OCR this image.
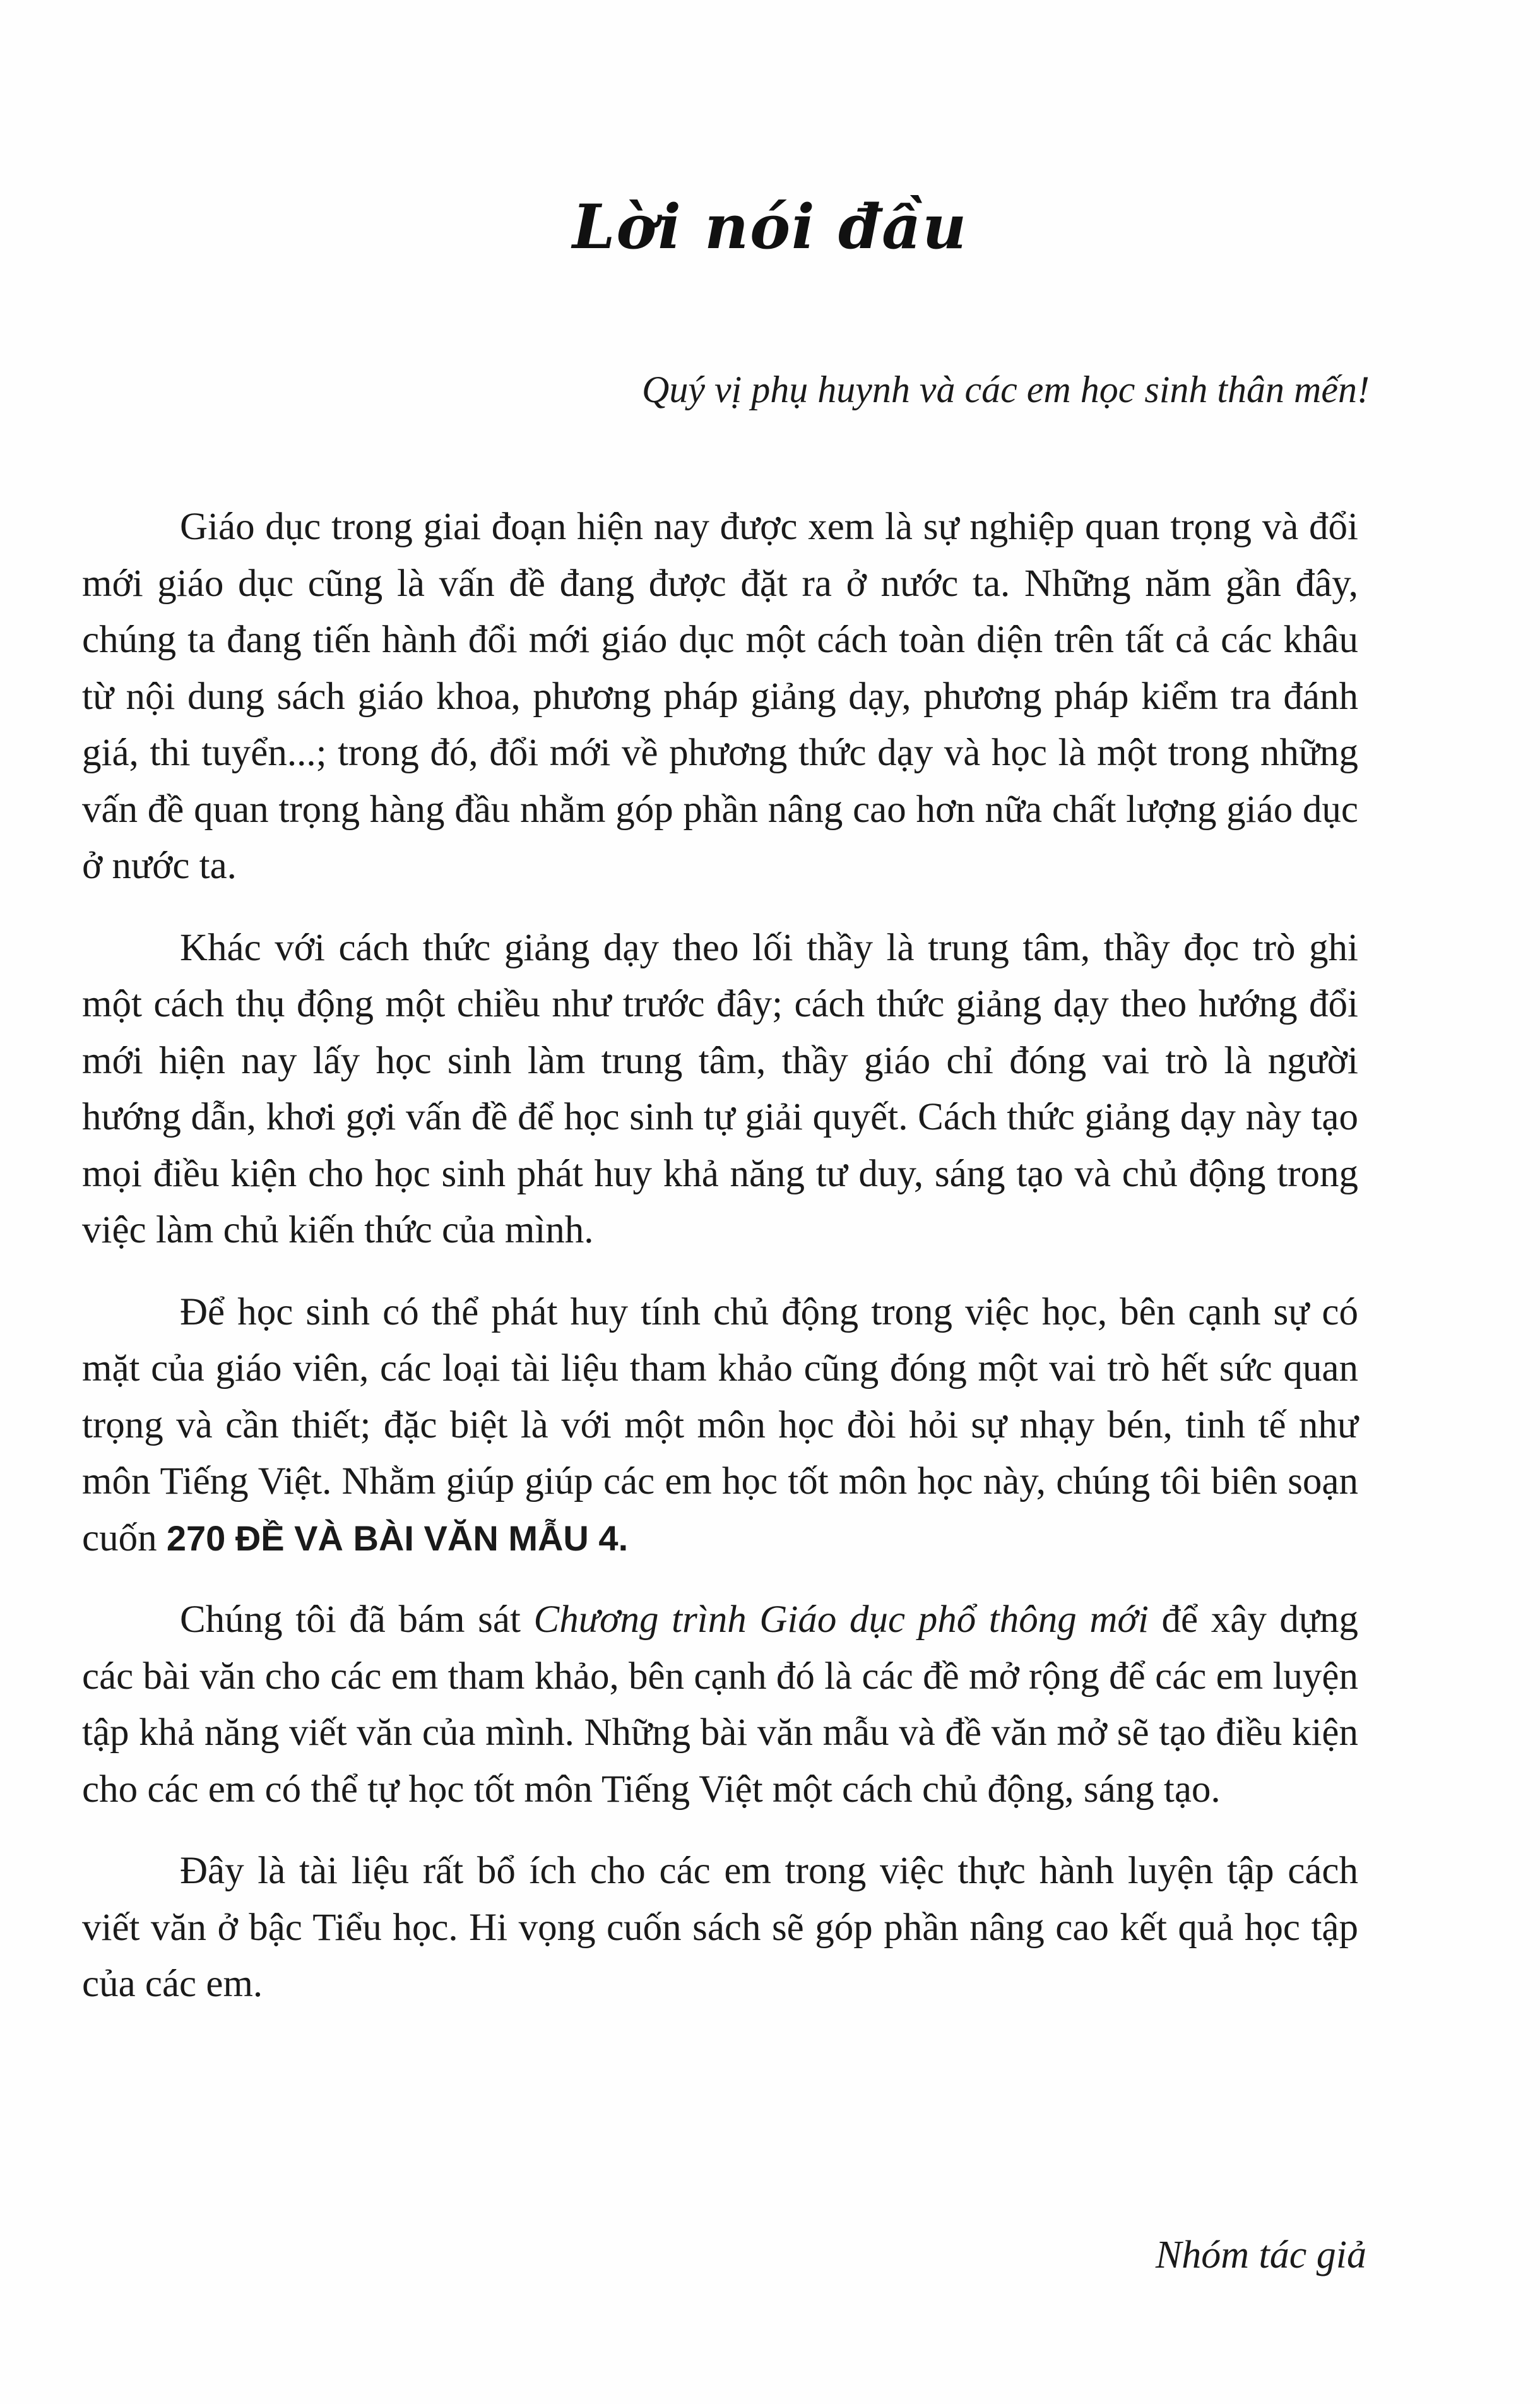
Lời nói đầu
Quý vị phụ huynh và các em học sinh thân mến!

Giáo dục trong giai đoạn hiện nay được xem là sự nghiệp quan trọng và đổi mới giáo dục cũng là vấn đề đang được đặt ra ở nước ta. Những năm gần đây, chúng ta đang tiến hành đổi mới giáo dục một cách toàn diện trên tất cả các khâu từ nội dung sách giáo khoa, phương pháp giảng dạy, phương pháp kiểm tra đánh giá, thi tuyển...; trong đó, đổi mới về phương thức dạy và học là một trong những vấn đề quan trọng hàng đầu nhằm góp phần nâng cao hơn nữa chất lượng giáo dục ở nước ta.

Khác với cách thức giảng dạy theo lối thầy là trung tâm, thầy đọc trò ghi một cách thụ động một chiều như trước đây; cách thức giảng dạy theo hướng đổi mới hiện nay lấy học sinh làm trung tâm, thầy giáo chỉ đóng vai trò là người hướng dẫn, khơi gợi vấn đề để học sinh tự giải quyết. Cách thức giảng dạy này tạo mọi điều kiện cho học sinh phát huy khả năng tư duy, sáng tạo và chủ động trong việc làm chủ kiến thức của mình.

Để học sinh có thể phát huy tính chủ động trong việc học, bên cạnh sự có mặt của giáo viên, các loại tài liệu tham khảo cũng đóng một vai trò hết sức quan trọng và cần thiết; đặc biệt là với một môn học đòi hỏi sự nhạy bén, tinh tế như môn Tiếng Việt. Nhằm giúp giúp các em học tốt môn học này, chúng tôi biên soạn cuốn 270 ĐỀ VÀ BÀI VĂN MẪU 4.

Chúng tôi đã bám sát Chương trình Giáo dục phổ thông mới để xây dựng các bài văn cho các em tham khảo, bên cạnh đó là các đề mở rộng để các em luyện tập khả năng viết văn của mình. Những bài văn mẫu và đề văn mở sẽ tạo điều kiện cho các em có thể tự học tốt môn Tiếng Việt một cách chủ động, sáng tạo.

Đây là tài liệu rất bổ ích cho các em trong việc thực hành luyện tập cách viết văn ở bậc Tiểu học. Hi vọng cuốn sách sẽ góp phần nâng cao kết quả học tập của các em.

Nhóm tác giả
